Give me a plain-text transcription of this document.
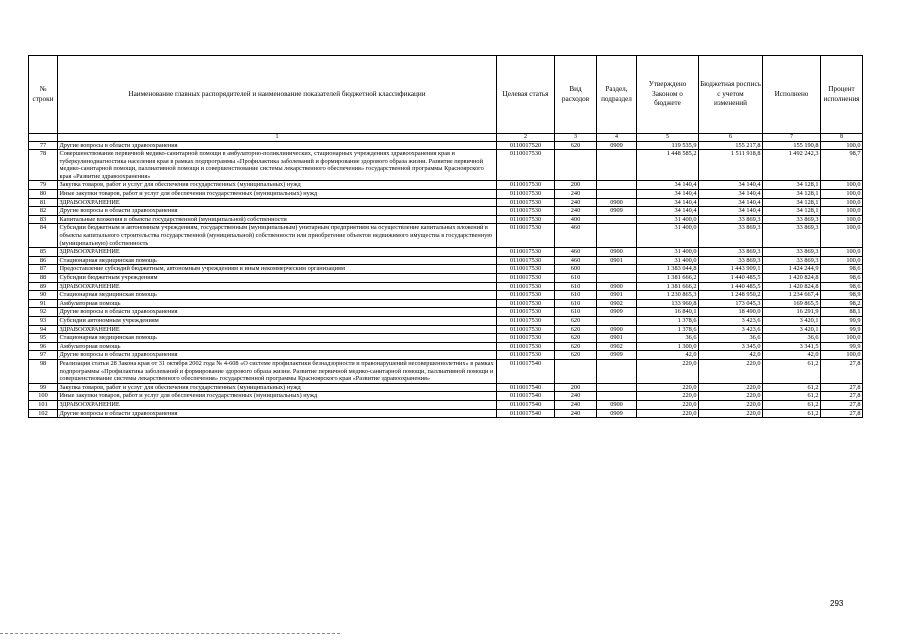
№ строки	Наименование главных распорядителей и наименование показателей бюджетной классификации	Целевая статья	Вид расходов	Раздел, подраздел	Утверждено Законом о бюджете	Бюджетная роспись с учетом изменений	Исполнено	Процент исполнения
	1	2	3	4	5	6	7	8
77	Другие вопросы в области здравоохранения	0110017520	620	0909	119 535,9	155 217,8	155 190,8	100,0
78	Совершенствование первичной медико-санитарной помощи в амбулаторно-поликлинических, стационарных учреждениях здравоохранения края и туберкулинодиагностика населения края в рамках подпрограммы «Профилактика заболеваний и формирование здорового образа жизни. Развитие первичной медико-санитарной помощи, паллиативной помощи и совершенствование системы лекарственного обеспечения» государственной программы Красноярского края «Развитие здравоохранения»	0110017530			1 448 585,2	1 511 918,8	1 492 242,3	98,7
79	Закупка товаров, работ и услуг для обеспечения государственных (муниципальных) нужд	0110017530	200		34 140,4	34 140,4	34 128,1	100,0
80	Иные закупки товаров, работ и услуг для обеспечения государственных (муниципальных) нужд	0110017530	240		34 140,4	34 140,4	34 128,1	100,0
81	ЗДРАВООХРАНЕНИЕ	0110017530	240	0900	34 140,4	34 140,4	34 128,1	100,0
82	Другие вопросы в области здравоохранения	0110017530	240	0909	34 140,4	34 140,4	34 128,1	100,0
83	Капитальные вложения в объекты государственной (муниципальной) собственности	0110017530	400		31 400,0	33 869,3	33 869,3	100,0
84	Субсидии бюджетным и автономным учреждениям, государственным (муниципальным) унитарным предприятиям на осуществление капитальных вложений в объекты капитального строительства государственной (муниципальной) собственности или приобретение объектов недвижимого имущества в государственную (муниципальную) собственность	0110017530	460		31 400,0	33 869,3	33 869,3	100,0
85	ЗДРАВООХРАНЕНИЕ	0110017530	460	0900	31 400,0	33 869,3	33 869,3	100,0
86	Стационарная медицинская помощь	0110017530	460	0901	31 400,0	33 869,3	33 869,3	100,0
87	Предоставление субсидий бюджетным, автономным учреждениям и иным некоммерческим организациям	0110017530	600		1 383 044,8	1 443 909,1	1 424 244,9	98,6
88	Субсидии бюджетным учреждениям	0110017530	610		1 381 666,2	1 440 485,5	1 420 824,8	98,6
89	ЗДРАВООХРАНЕНИЕ	0110017530	610	0900	1 381 666,2	1 440 485,5	1 420 824,8	98,6
90	Стационарная медицинская помощь	0110017530	610	0901	1 230 865,3	1 248 950,2	1 234 667,4	98,9
91	Амбулаторная помощь	0110017530	610	0902	133 960,8	173 045,3	169 865,5	98,2
92	Другие вопросы в области здравоохранения	0110017530	610	0909	16 840,1	18 490,0	16 291,9	88,1
93	Субсидии автономным учреждениям	0110017530	620		1 378,6	3 423,6	3 420,1	99,9
94	ЗДРАВООХРАНЕНИЕ	0110017530	620	0900	1 378,6	3 423,6	3 420,1	99,9
95	Стационарная медицинская помощь	0110017530	620	0901	36,6	36,6	36,6	100,0
96	Амбулаторная помощь	0110017530	620	0902	1 300,0	3 345,0	3 341,5	99,9
97	Другие вопросы в области здравоохранения	0110017530	620	0909	42,0	42,0	42,0	100,0
98	Реализация статьи 28 Закона края от 31 октября 2002 года № 4-608 «О системе профилактики безнадзорности и правонарушений несовершеннолетних» в рамках подпрограммы «Профилактика заболеваний и формирование здорового образа жизни. Развитие первичной медико-санитарной помощи, паллиативной помощи и совершенствование системы лекарственного обеспечения» государственной программы Красноярского края «Развитие здравоохранения»	0110017540			220,0	220,0	61,2	27,8
99	Закупка товаров, работ и услуг для обеспечения государственных (муниципальных) нужд	0110017540	200		220,0	220,0	61,2	27,8
100	Иные закупки товаров, работ и услуг для обеспечения государственных (муниципальных) нужд	0110017540	240		220,0	220,0	61,2	27,8
101	ЗДРАВООХРАНЕНИЕ	0110017540	240	0900	220,0	220,0	61,2	27,8
102	Другие вопросы в области здравоохранения	0110017540	240	0909	220,0	220,0	61,2	27,8
293
